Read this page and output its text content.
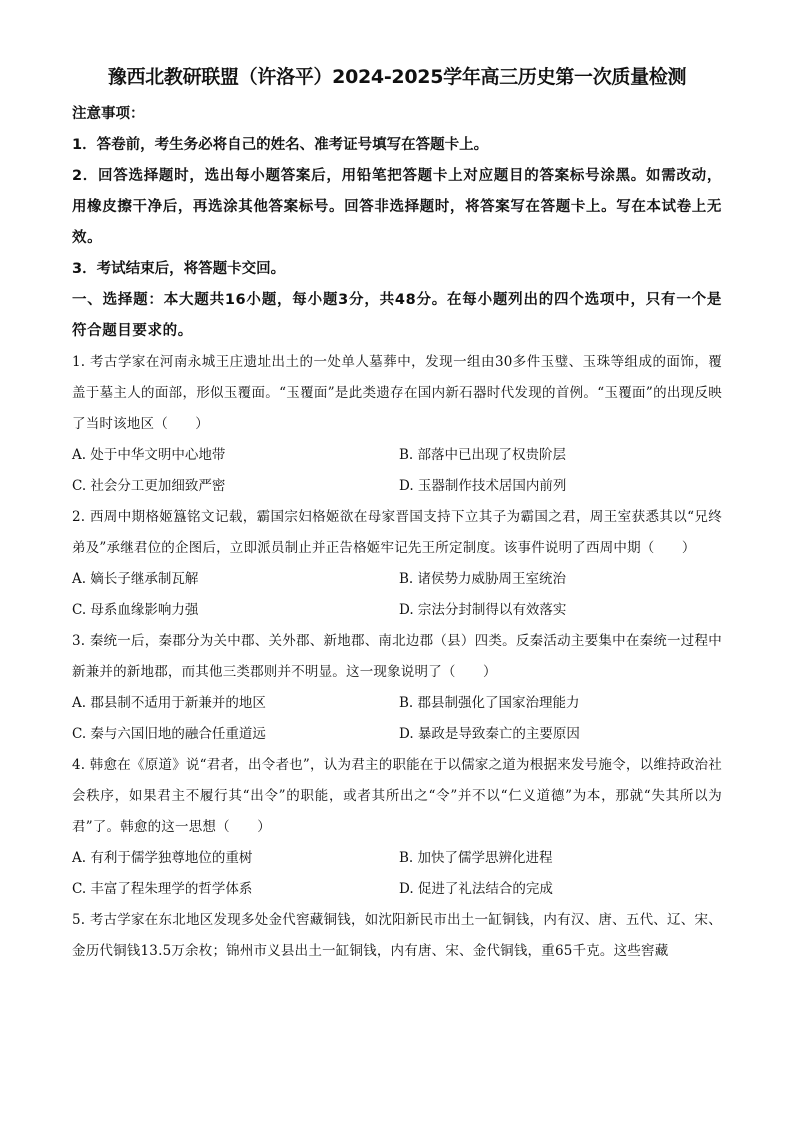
豫西北教研联盟（许洛平）2024-2025学年高三历史第一次质量检测

注意事项：

1．答卷前，考生务必将自己的姓名、准考证号填写在答题卡上。

2．回答选择题时，选出每小题答案后，用铅笔把答题卡上对应题目的答案标号涂黑。如需改动，用橡皮擦干净后，再选涂其他答案标号。回答非选择题时，将答案写在答题卡上。写在本试卷上无效。

3．考试结束后，将答题卡交回。

一、选择题：本大题共16小题，每小题3分，共48分。在每小题列出的四个选项中，只有一个是符合题目要求的。

1. 考古学家在河南永城王庄遗址出土的一处单人墓葬中，发现一组由30多件玉璧、玉珠等组成的面饰，覆盖于墓主人的面部，形似玉覆面。“玉覆面”是此类遗存在国内新石器时代发现的首例。“玉覆面”的出现反映了当时该地区（　　）

A. 处于中华文明中心地带	B. 部落中已出现了权贵阶层
C. 社会分工更加细致严密	D. 玉器制作技术居国内前列

2. 西周中期格姬簋铭文记载，霸国宗妇格姬欲在母家晋国支持下立其子为霸国之君，周王室获悉其以“兄终弟及”承继君位的企图后，立即派员制止并正告格姬牢记先王所定制度。该事件说明了西周中期（　　）

A. 嫡长子继承制瓦解	B. 诸侯势力威胁周王室统治
C. 母系血缘影响力强	D. 宗法分封制得以有效落实

3. 秦统一后，秦郡分为关中郡、关外郡、新地郡、南北边郡（县）四类。反秦活动主要集中在秦统一过程中新兼并的新地郡，而其他三类郡则并不明显。这一现象说明了（　　）

A. 郡县制不适用于新兼并的地区	B. 郡县制强化了国家治理能力
C. 秦与六国旧地的融合任重道远	D. 暴政是导致秦亡的主要原因

4. 韩愈在《原道》说“君者，出令者也”，认为君主的职能在于以儒家之道为根据来发号施令，以维持政治社会秩序，如果君主不履行其“出令”的职能，或者其所出之“令”并不以“仁义道德”为本，那就“失其所以为君”了。韩愈的这一思想（　　）

A. 有利于儒学独尊地位的重树	B. 加快了儒学思辨化进程
C. 丰富了程朱理学的哲学体系	D. 促进了礼法结合的完成

5. 考古学家在东北地区发现多处金代窖藏铜钱，如沈阳新民市出土一缸铜钱，内有汉、唐、五代、辽、宋、金历代铜钱13.5万余枚；锦州市义县出土一缸铜钱，内有唐、宋、金代铜钱，重65千克。这些窖藏
